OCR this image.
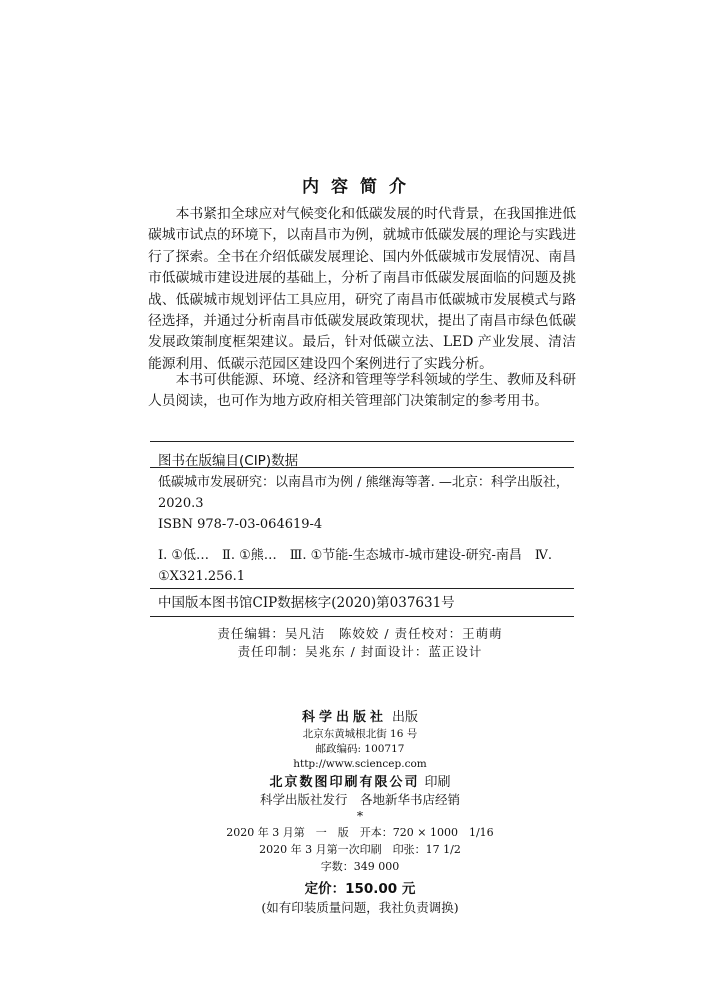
内容简介

本书紧扣全球应对气候变化和低碳发展的时代背景，在我国推进低碳城市试点的环境下，以南昌市为例，就城市低碳发展的理论与实践进行了探索。全书在介绍低碳发展理论、国内外低碳城市发展情况、南昌市低碳城市建设进展的基础上，分析了南昌市低碳发展面临的问题及挑战、低碳城市规划评估工具应用，研究了南昌市低碳城市发展模式与路径选择，并通过分析南昌市低碳发展政策现状，提出了南昌市绿色低碳发展政策制度框架建议。最后，针对低碳立法、LED 产业发展、清洁能源利用、低碳示范园区建设四个案例进行了实践分析。

本书可供能源、环境、经济和管理等学科领域的学生、教师及科研人员阅读，也可作为地方政府相关管理部门决策制定的参考用书。

图书在版编目(CIP)数据
低碳城市发展研究：以南昌市为例 / 熊继海等著. —北京：科学出版社，2020.3
ISBN 978-7-03-064619-4
Ⅰ. ①低…　Ⅱ. ①熊…　Ⅲ. ①节能-生态城市-城市建设-研究-南昌　Ⅳ. ①X321.256.1
中国版本图书馆CIP数据核字(2020)第037631号
责任编辑：吴凡洁　陈姣姣 / 责任校对：王萌萌
责任印制：吴兆东 / 封面设计：蓝正设计
科学出版社 出版
北京东黄城根北街 16 号
邮政编码: 100717
http://www.sciencep.com
北京数图印刷有限公司 印刷
科学出版社发行　各地新华书店经销
*
2020 年 3 月第　一　版　开本：720 × 1000　1/16
2020 年 3 月第一次印刷　印张：17 1/2
字数：349 000
定价：150.00 元
(如有印装质量问题，我社负责调换)
